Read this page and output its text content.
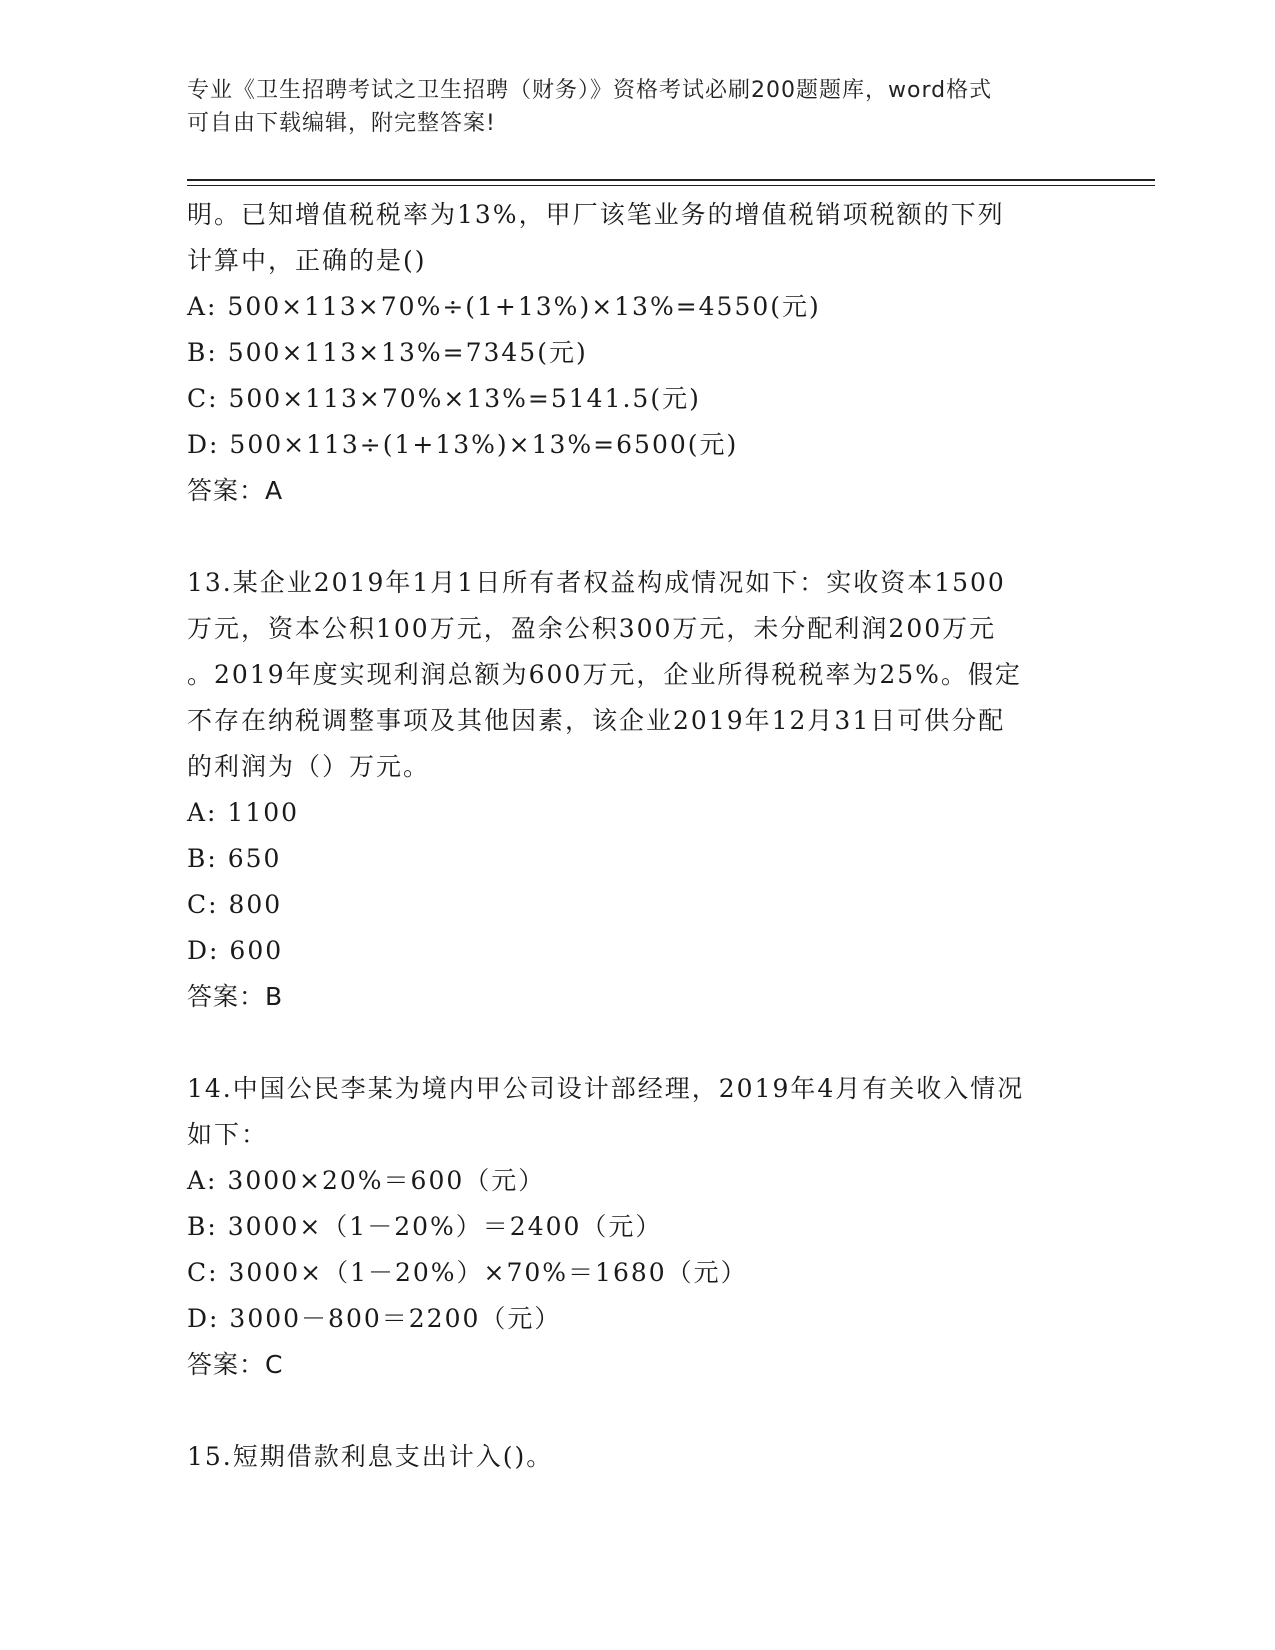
专业《卫生招聘考试之卫生招聘（财务）》资格考试必刷200题题库，word格式
可自由下载编辑，附完整答案!
明。已知增值税税率为13%，甲厂该笔业务的增值税销项税额的下列
计算中，正确的是()
A: 500×113×70%÷(1+13%)×13%=4550(元)
B: 500×113×13%=7345(元)
C: 500×113×70%×13%=5141.5(元)
D: 500×113÷(1+13%)×13%=6500(元)
答案：A
13.某企业2019年1月1日所有者权益构成情况如下：实收资本1500
万元，资本公积100万元，盈余公积300万元，未分配利润200万元
。2019年度实现利润总额为600万元，企业所得税税率为25%。假定
不存在纳税调整事项及其他因素，该企业2019年12月31日可供分配
的利润为（）万元。
A: 1100
B: 650
C: 800
D: 600
答案：B
14.中国公民李某为境内甲公司设计部经理，2019年4月有关收入情况
如下：
A: 3000×20%＝600（元）
B: 3000×（1－20%）＝2400（元）
C: 3000×（1－20%）×70%＝1680（元）
D: 3000－800＝2200（元）
答案：C
15.短期借款利息支出计入()。
